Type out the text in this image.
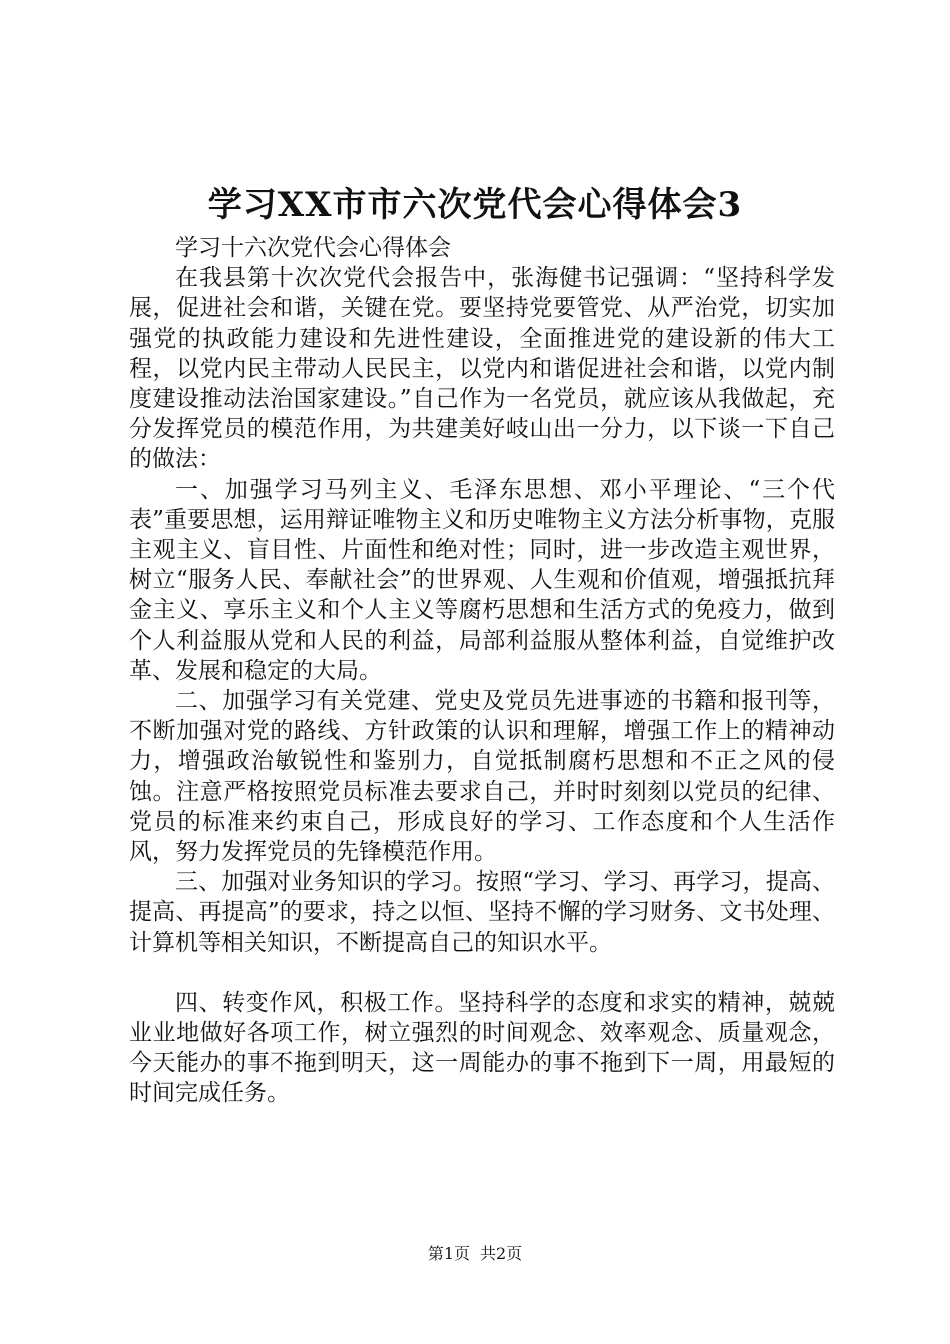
学习XX市市六次党代会心得体会3

学习十六次党代会心得体会

在我县第十次次党代会报告中，张海健书记强调：“坚持科学发展，促进社会和谐，关键在党。要坚持党要管党、从严治党，切实加强党的执政能力建设和先进性建设，全面推进党的建设新的伟大工程，以党内民主带动人民民主，以党内和谐促进社会和谐，以党内制度建设推动法治国家建设。”自己作为一名党员，就应该从我做起，充分发挥党员的模范作用，为共建美好岐山出一分力，以下谈一下自己的做法：

一、加强学习马列主义、毛泽东思想、邓小平理论、“三个代表”重要思想，运用辩证唯物主义和历史唯物主义方法分析事物，克服主观主义、盲目性、片面性和绝对性；同时，进一步改造主观世界，树立“服务人民、奉献社会”的世界观、人生观和价值观，增强抵抗拜金主义、享乐主义和个人主义等腐朽思想和生活方式的免疫力，做到个人利益服从党和人民的利益，局部利益服从整体利益，自觉维护改革、发展和稳定的大局。

二、加强学习有关党建、党史及党员先进事迹的书籍和报刊等，不断加强对党的路线、方针政策的认识和理解，增强工作上的精神动力，增强政治敏锐性和鉴别力，自觉抵制腐朽思想和不正之风的侵蚀。注意严格按照党员标准去要求自己，并时时刻刻以党员的纪律、党员的标准来约束自己，形成良好的学习、工作态度和个人生活作风，努力发挥党员的先锋模范作用。

三、加强对业务知识的学习。按照“学习、学习、再学习，提高、提高、再提高”的要求，持之以恒、坚持不懈的学习财务、文书处理、计算机等相关知识，不断提高自己的知识水平。

四、转变作风，积极工作。坚持科学的态度和求实的精神，兢兢业业地做好各项工作，树立强烈的时间观念、效率观念、质量观念，今天能办的事不拖到明天，这一周能办的事不拖到下一周，用最短的时间完成任务。

第1页 共2页
